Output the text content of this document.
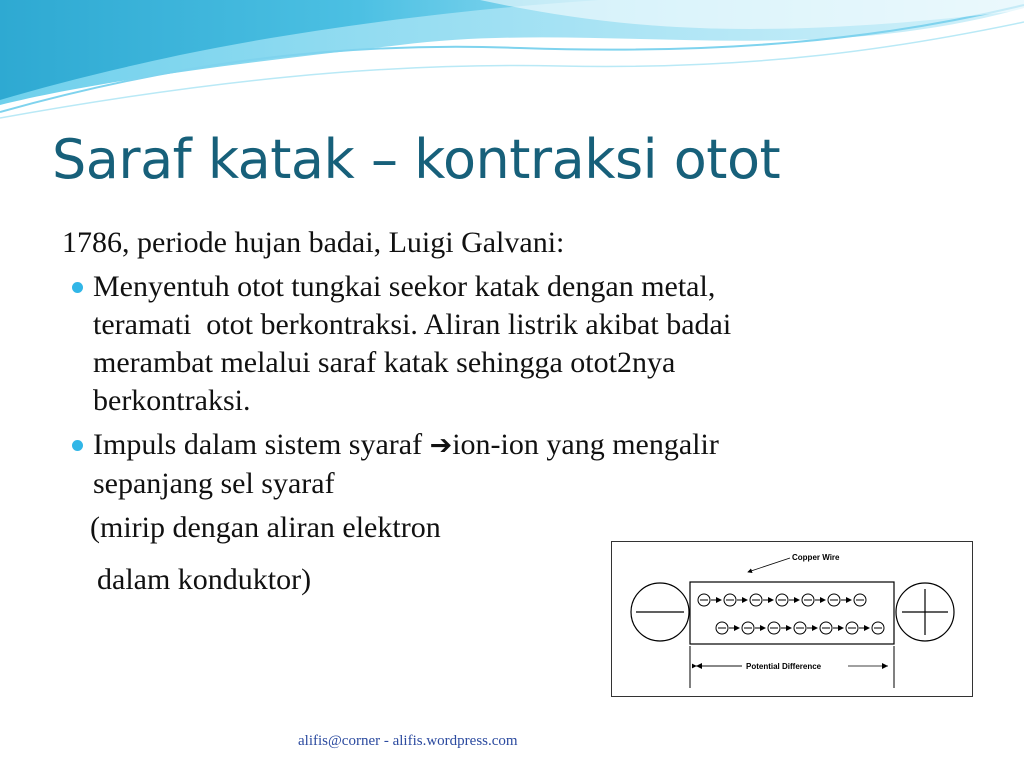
Saraf katak – kontraksi otot

1786, periode hujan badai, Luigi Galvani:

Menyentuh otot tungkai seekor katak dengan metal,
teramati  otot berkontraksi. Aliran listrik akibat badai
merambat melalui saraf katak sehingga otot2nya
berkontraksi.
Impuls dalam sistem syaraf ➔ion-ion yang mengalir
sepanjang sel syaraf

(mirip dengan aliran elektron

dalam konduktor)

Copper Wire
Potential Difference
alifis@corner - alifis.wordpress.com
